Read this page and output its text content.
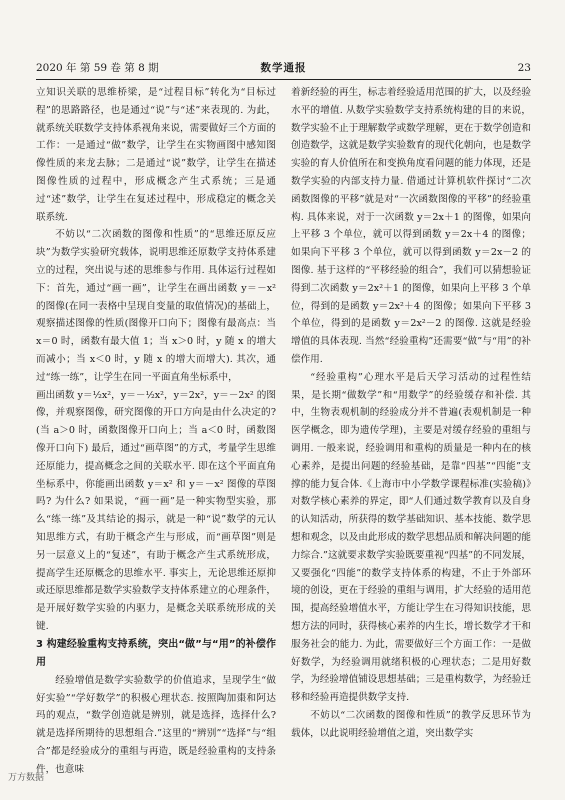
2020 年 第 59 卷 第 8 期	数学通报	23

立知识关联的思维桥梁，是“过程目标”转化为“目标过程”的思路路径，也是通过“说”与“述”来表现的. 为此，就系统关联数学支持体系视角来说，需要做好三个方面的工作：一是通过“做”数学，让学生在实物画图中感知图像性质的来龙去脉；二是通过“说”数学，让学生在描述图像性质的过程中，形成概念产生式系统；三是通过“述”数学，让学生在复述过程中，形成稳定的概念关联系统.

不妨以“二次函数的图像和性质”的“思维还原反应块”为数学实验研究载体，说明思维还原数学支持体系建立的过程，突出说与述的思维参与作用. 具体运行过程如下：首先，通过“画一画”，让学生在画出函数 y＝－x² 的图像(在同一表格中呈现自变量的取值情况)的基础上，观察描述图像的性质(图像开口向下；图像有最高点：当 x＝0 时，函数有最大值 1；当 x＞0 时，y 随 x 的增大而减小；当 x＜0 时，y 随 x 的增大而增大). 其次，通过“练一练”，让学生在同一平面直角坐标系中，

画出函数 y＝½x²，y＝－½x²，y＝2x²，y＝－2x² 的图像，并观察图像，研究图像的开口方向是由什么决定的?(当 a＞0 时，函数图像开口向上；当 a＜0 时，函数图像开口向下) 最后，通过“画草图”的方式，考量学生思维还原能力，提高概念之间的关联水平. 即在这个平面直角坐标系中，你能画出函数 y＝x² 和 y＝－x² 图像的草图吗? 为什么? 如果说，“画一画”是一种实物型实验，那么“练一练”及其结论的揭示，就是一种“说”数学的元认知思维方式，有助于概念产生与形成，而“画草图”则是另一层意义上的“复述”，有助于概念产生式系统形成，提高学生还原概念的思维水平. 事实上，无论思维还原抑或还原思维都是数学实验数学支持体系建立的心理条件，是开展好数学实验的内驱力，是概念关联系统形成的关键.

3 构建经验重构支持系统，突出“做”与“用”的补偿作用

经验增值是数学实验数学的价值追求，呈现学生“做好实验”“学好数学”的积极心理状态. 按照陶加棗和阿达玛的观点，“数学创造就是辨别，就是选择，选择什么? 就是选择所期待的思想组合.”这里的“辨别”“选择”与“组合”都是经验成分的重组与再造，既是经验重构的支持条件，也意味

着新经验的再生，标志着经验适用范围的扩大，以及经验水平的增值. 从数学实验数学支持系统构建的目的来说，数学实验不止于理解数学或数学理解，更在于数学创造和创造数学，这就是数学实验数育的现代化朝向，也是数学实验的育人价值所在和变换角度看问题的能力体现，还是数学实验的内部支持力量. 借通过计算机软件探讨“二次函数图像的平移”就是对“一次函数图像的平移”的经验重构. 具体来说，对于一次函数 y＝2x＋1 的图像，如果向上平移 3 个单位，就可以得到函数 y＝2x＋4 的图像；如果向下平移 3 个单位，就可以得到函数 y＝2x－2 的图像. 基于这样的“平移经验的组合”，我们可以猜想验证得到二次函数 y＝2x²＋1 的图像，如果向上平移 3 个单位，得到的是函数 y＝2x²＋4 的图像；如果向下平移 3 个单位，得到的是函数 y＝2x²－2 的图像. 这就是经验增值的具体表现. 当然“经验重构”还需要“做”与“用”的补偿作用.

“经验重构”心理水平是后天学习活动的过程性结果，是长期“做数学”和“用数学”的经验缓存和补偿. 其中，生物表观机制的经验成分并不普遍(表观机制是一种医学概念，即为遗传学理)，主要是对缓存经验的重组与调用. 一般来说，经验调用和重构的质量是一种内在的核心素养，是提出问题的经验基础，是靠“四基”“四能”支撑的能力复合体.《上海市中小学数学课程标准(实验稿)》对数学核心素养的界定，即“人们通过数学教育以及自身的认知活动，所获得的数学基础知识、基本技能、数学思想和观念，以及由此形成的数学思想品质和解决问题的能力综合.”这就要求数学实验既要重视“四基”的不同发展，又要强化“四能”的数学支持体系的构建，不止于外部环境的创设，更在于经验的重组与调用，扩大经验的适用范围，提高经验增值水平，方能让学生在习得知识技能，思想方法的同时，获得核心素养的内生长，增长数学才干和服务社会的能力. 为此，需要做好三个方面工作：一是做好数学，为经验调用就绪积极的心理状态；二是用好数学，为经验增值铺设思想基础；三是重构数学，为经验迁移和经验再造提供数学支持.

不妨以“二次函数的图像和性质”的教学反思环节为载体，以此说明经验增值之道，突出数学实

万方数据
